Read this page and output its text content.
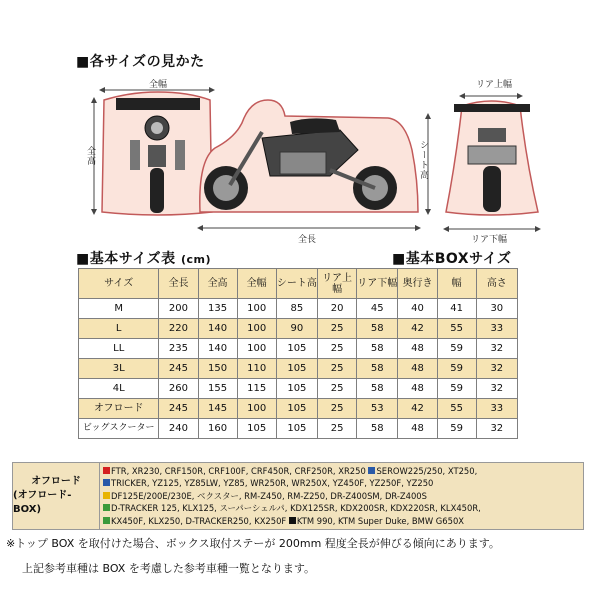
■各サイズの見かた
■基本サイズ表 (cm)	■基本BOXサイズ
全幅
全高
全長
シート高
リア上幅
リア下幅
サイズ	全長	全高	全幅	シート高	リア上幅	リア下幅	奥行き	幅	高さ
M	200	135	100	85	20	45	40	41	30
L	220	140	100	90	25	58	42	55	33
LL	235	140	100	105	25	58	48	59	32
3L	245	150	110	105	25	58	48	59	32
4L	260	155	115	105	25	58	48	59	32
オフロード	245	145	100	105	25	53	42	55	33
ビッグスクーター	240	160	105	105	25	58	48	59	32
オフロード
(オフロード-BOX)
FTR, XR230, CRF150R, CRF100F, CRF450R, CRF250R, XR250 SEROW225/250, XT250,
TRICKER, YZ125, YZ85LW, YZ85, WR250R, WR250X, YZ450F, YZ250F, YZ250
DF125E/200E/230E, ベクスター, RM-Z450, RM-Z250, DR-Z400SM, DR-Z400S
D-TRACKER 125, KLX125, スーパーシェルパ, KDX125SR, KDX200SR, KDX220SR, KLX450R,
KX450F, KLX250, D-TRACKER250, KX250F KTM 990, KTM Super Duke, BMW G650X
※トップ BOX を取付けた場合、ボックス取付ステーが 200mm 程度全長が伸びる傾向にあります。
上記参考車種は BOX を考慮した参考車種一覧となります。
